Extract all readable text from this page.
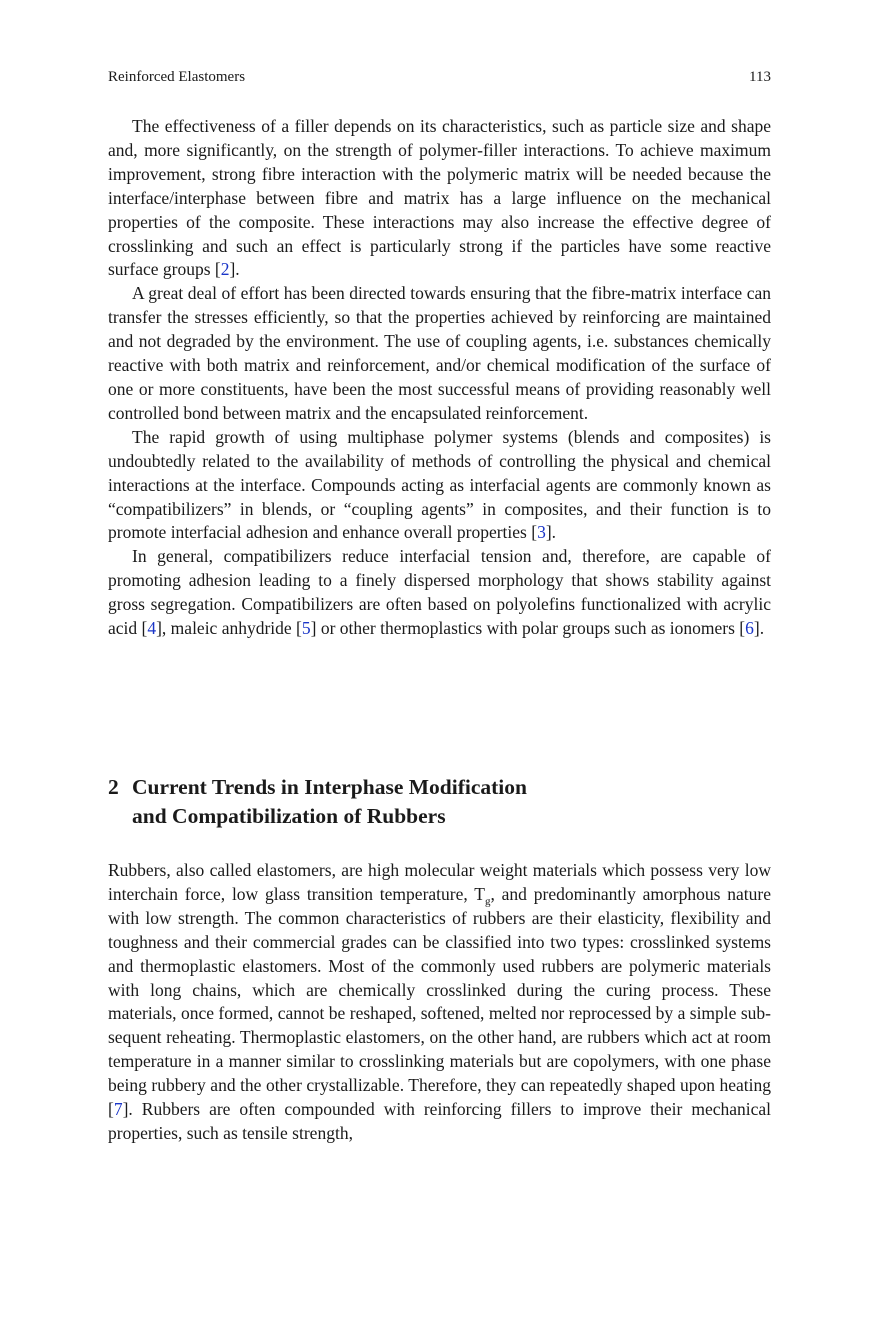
Reinforced Elastomers	113

The effectiveness of a filler depends on its characteristics, such as particle size and shape and, more significantly, on the strength of polymer-filler interactions. To achieve maximum improvement, strong fibre interaction with the polymeric matrix will be needed because the interface/interphase between fibre and matrix has a large influence on the mechanical properties of the composite. These interactions may also increase the effective degree of crosslinking and such an effect is particularly strong if the particles have some reactive surface groups [2].

A great deal of effort has been directed towards ensuring that the fibre-matrix interface can transfer the stresses efficiently, so that the properties achieved by reinforcing are maintained and not degraded by the environment. The use of coupling agents, i.e. substances chemically reactive with both matrix and reinforcement, and/or chemical modification of the surface of one or more constituents, have been the most successful means of providing reasonably well controlled bond between matrix and the encapsulated reinforcement.

The rapid growth of using multiphase polymer systems (blends and composites) is undoubtedly related to the availability of methods of controlling the physical and chemical interactions at the interface. Compounds acting as interfacial agents are commonly known as “compatibilizers” in blends, or “coupling agents” in composites, and their function is to promote interfacial adhesion and enhance overall properties [3].

In general, compatibilizers reduce interfacial tension and, therefore, are capable of promoting adhesion leading to a finely dispersed morphology that shows stability against gross segregation. Compatibilizers are often based on polyolefins functionalized with acrylic acid [4], maleic anhydride [5] or other thermoplastics with polar groups such as ionomers [6].

2 Current Trends in Interphase Modification
and Compatibilization of Rubbers

Rubbers, also called elastomers, are high molecular weight materials which possess very low interchain force, low glass transition temperature, $T_g$, and predominantly amorphous nature with low strength. The common characteristics of rubbers are their elasticity, flexibility and toughness and their commercial grades can be classified into two types: crosslinked systems and thermoplastic elastomers. Most of the commonly used rubbers are polymeric materials with long chains, which are chemically crosslinked during the curing process. These materials, once formed, cannot be reshaped, softened, melted nor reprocessed by a simple subsequent reheating. Thermoplastic elastomers, on the other hand, are rubbers which act at room temperature in a manner similar to crosslinking materials but are copolymers, with one phase being rubbery and the other crystallizable. Therefore, they can repeatedly shaped upon heating [7]. Rubbers are often compounded with reinforcing fillers to improve their mechanical properties, such as tensile strength,
